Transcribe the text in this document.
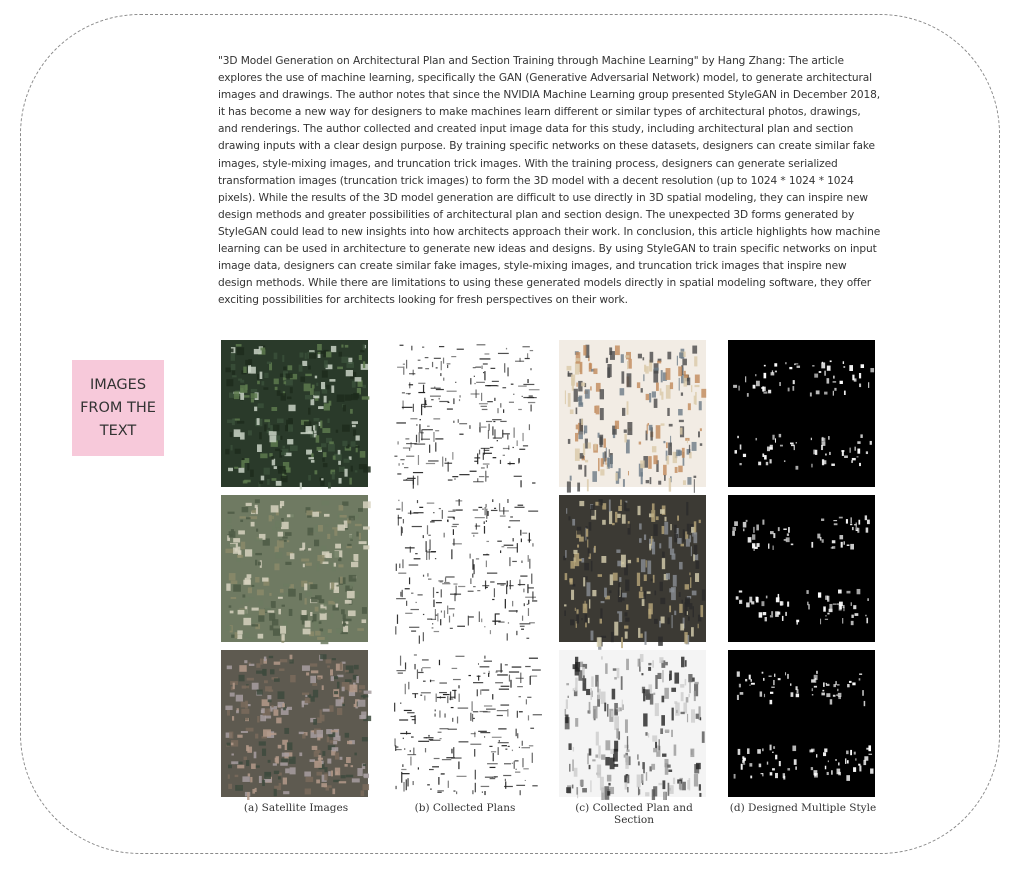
"3D Model Generation on Architectural Plan and Section Training through Machine Learning" by Hang Zhang: The article explores the use of machine learning, specifically the GAN (Generative Adversarial Network) model, to generate architectural images and drawings. The author notes that since the NVIDIA Machine Learning group presented StyleGAN in December 2018, it has become a new way for designers to make machines learn different or similar types of architectural photos, drawings, and renderings. The author collected and created input image data for this study, including architectural plan and section drawing inputs with a clear design purpose. By training specific networks on these datasets, designers can create similar fake images, style-mixing images, and truncation trick images. With the training process, designers can generate serialized transformation images (truncation trick images) to form the 3D model with a decent resolution (up to 1024 * 1024 * 1024 pixels). While the results of the 3D model generation are difficult to use directly in 3D spatial modeling, they can inspire new design methods and greater possibilities of architectural plan and section design. The unexpected 3D forms generated by StyleGAN could lead to new insights into how architects approach their work. In conclusion, this article highlights how machine learning can be used in architecture to generate new ideas and designs. By using StyleGAN to train specific networks on input image data, designers can create similar fake images, style-mixing images, and truncation trick images that inspire new design methods. While there are limitations to using these generated models directly in spatial modeling software, they offer exciting possibilities for architects looking for fresh perspectives on their work.

IMAGES FROM THE TEXT
(a) Satellite Images	(b) Collected Plans	(c) Collected Plan and Section
(d) Designed Multiple Style
